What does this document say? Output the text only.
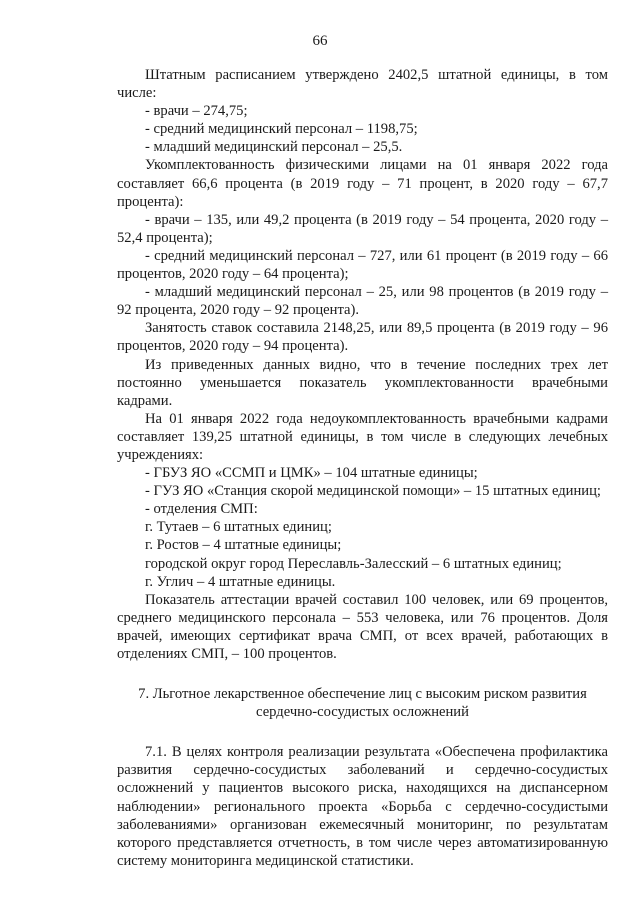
66

Штатным расписанием утверждено 2402,5 штатной единицы, в том числе:

- врачи – 274,75;

- средний медицинский персонал – 1198,75;

- младший медицинский персонал – 25,5.

Укомплектованность физическими лицами на 01 января 2022 года составляет 66,6 процента (в 2019 году – 71 процент, в 2020 году – 67,7 процента):

- врачи – 135, или 49,2 процента (в 2019 году – 54 процента, 2020 году – 52,4 процента);

- средний медицинский персонал – 727, или 61 процент (в 2019 году – 66 процентов, 2020 году – 64 процента);

- младший медицинский персонал – 25, или 98 процентов (в 2019 году – 92 процента, 2020 году – 92 процента).

Занятость ставок составила 2148,25, или 89,5 процента (в 2019 году – 96 процентов, 2020 году – 94 процента).

Из приведенных данных видно, что в течение последних трех лет постоянно уменьшается показатель укомплектованности врачебными кадрами.

На 01 января 2022 года недоукомплектованность врачебными кадрами составляет 139,25 штатной единицы, в том числе в следующих лечебных учреждениях:

- ГБУЗ ЯО «ССМП и ЦМК» – 104 штатные единицы;

- ГУЗ ЯО «Станция скорой медицинской помощи» – 15 штатных единиц;

- отделения СМП:

г. Тутаев – 6 штатных единиц;

г. Ростов – 4 штатные единицы;

городской округ город Переславль-Залесский – 6 штатных единиц;

г. Углич – 4 штатные единицы.

Показатель аттестации врачей составил 100 человек, или 69 процентов, среднего медицинского персонала – 553 человека, или 76 процентов. Доля врачей, имеющих сертификат врача СМП, от всех врачей, работающих в отделениях СМП, – 100 процентов.

7. Льготное лекарственное обеспечение лиц с высоким риском развития сердечно-сосудистых осложнений

7.1. В целях контроля реализации результата «Обеспечена профилактика развития сердечно-сосудистых заболеваний и сердечно-сосудистых осложнений у пациентов высокого риска, находящихся на диспансерном наблюдении» регионального проекта «Борьба с сердечно-сосудистыми заболеваниями» организован ежемесячный мониторинг, по результатам которого представляется отчетность, в том числе через автоматизированную систему мониторинга медицинской статистики.
